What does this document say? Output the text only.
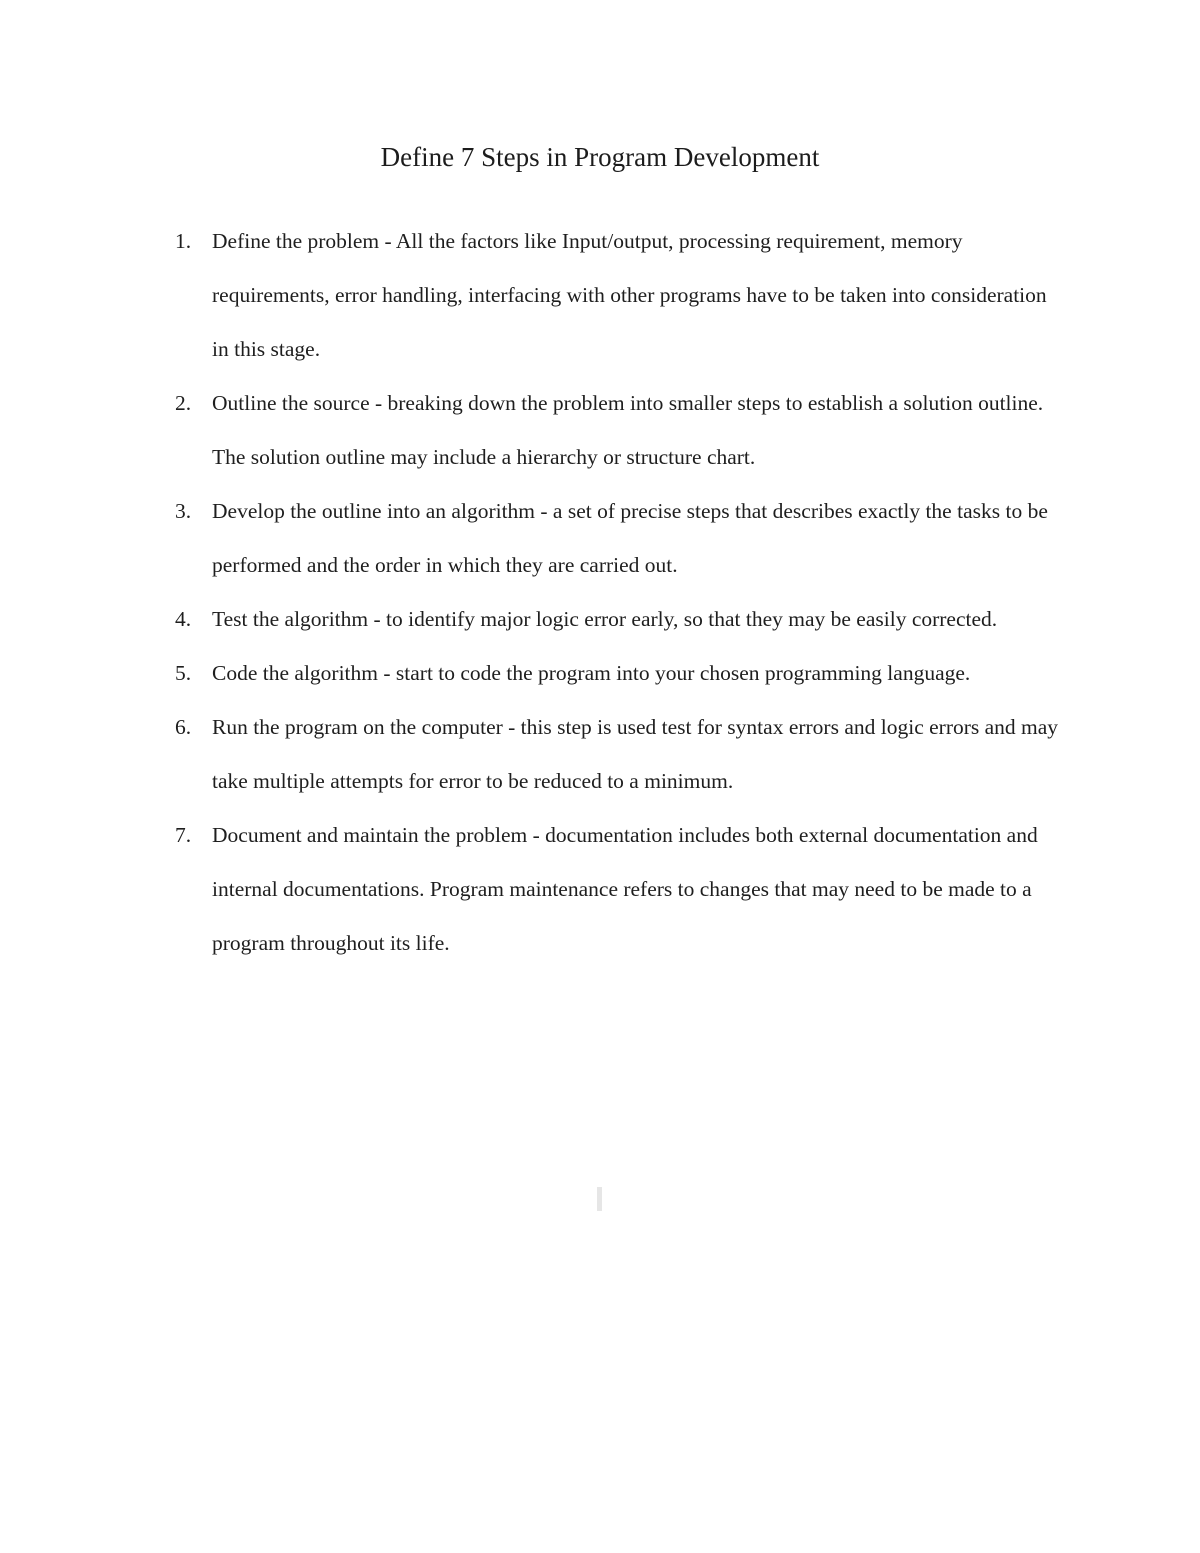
Define 7 Steps in Program Development
1. Define the problem - All the factors like Input/output, processing requirement, memory requirements, error handling, interfacing with other programs have to be taken into consideration in this stage.
2. Outline the source - breaking down the problem into smaller steps to establish a solution outline. The solution outline may include a hierarchy or structure chart.
3. Develop the outline into an algorithm - a set of precise steps that describes exactly the tasks to be performed and the order in which they are carried out.
4. Test the algorithm - to identify major logic error early, so that they may be easily corrected.
5. Code the algorithm - start to code the program into your chosen programming language.
6. Run the program on the computer - this step is used test for syntax errors and logic errors and may take multiple attempts for error to be reduced to a minimum.
7. Document and maintain the problem - documentation includes both external documentation and internal documentations. Program maintenance refers to changes that may need to be made to a program throughout its life.
